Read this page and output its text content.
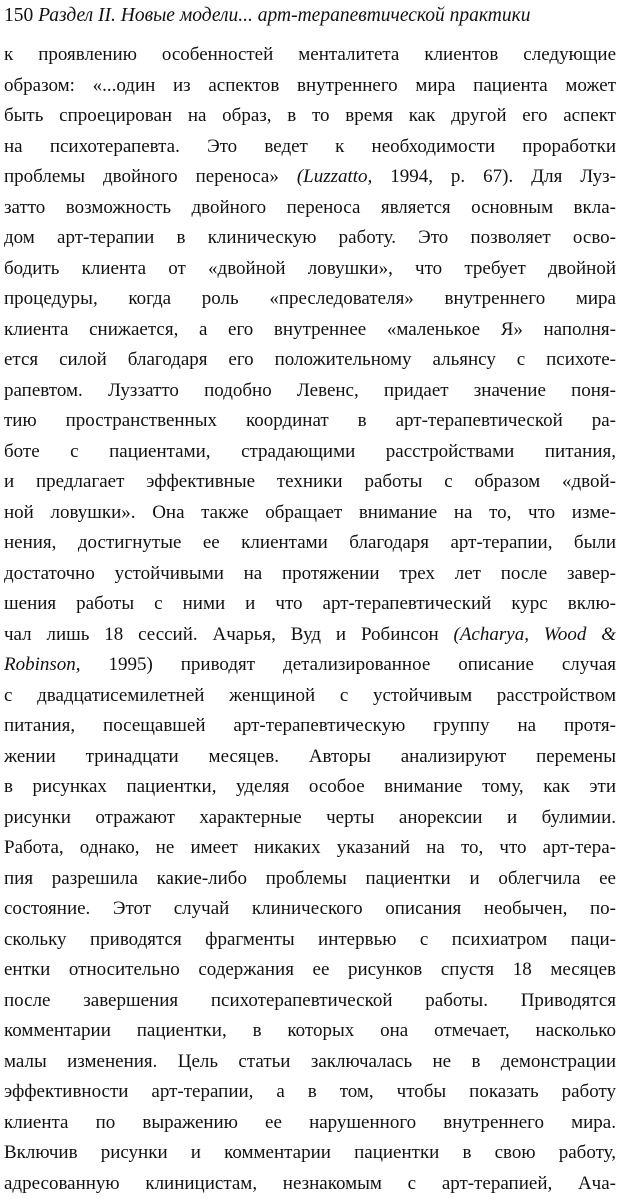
150 Раздел II. Новые модели... арт-терапевтической практики
к проявлению особенностей менталитета клиентов следующие
образом: «...один из аспектов внутреннего мира пациента может
быть спроецирован на образ, в то время как другой его аспект
на психотерапевта. Это ведет к необходимости проработки
проблемы двойного переноса» (Luzzatto, 1994, p. 67). Для Луз-
затто возможность двойного переноса является основным вкла-
дом арт-терапии в клиническую работу. Это позволяет осво-
бодить клиента от «двойной ловушки», что требует двойной
процедуры, когда роль «преследователя» внутреннего мира
клиента снижается, а его внутреннее «маленькое Я» наполня-
ется силой благодаря его положительному альянсу с психоте-
рапевтом. Луззатто подобно Левенс, придает значение поня-
тию пространственных координат в арт-терапевтической ра-
боте с пациентами, страдающими расстройствами питания,
и предлагает эффективные техники работы с образом «двой-
ной ловушки». Она также обращает внимание на то, что изме-
нения, достигнутые ее клиентами благодаря арт-терапии, были
достаточно устойчивыми на протяжении трех лет после завер-
шения работы с ними и что арт-терапевтический курс вклю-
чал лишь 18 сессий. Ачарья, Вуд и Робинсон (Acharya, Wood &
Robinson, 1995) приводят детализированное описание случая
с двадцатисемилетней женщиной с устойчивым расстройством
питания, посещавшей арт-терапевтическую группу на протя-
жении тринадцати месяцев. Авторы анализируют перемены
в рисунках пациентки, уделяя особое внимание тому, как эти
рисунки отражают характерные черты анорексии и булимии.
Работа, однако, не имеет никаких указаний на то, что арт-тера-
пия разрешила какие-либо проблемы пациентки и облегчила ее
состояние. Этот случай клинического описания необычен, по-
скольку приводятся фрагменты интервью с психиатром паци-
ентки относительно содержания ее рисунков спустя 18 месяцев
после завершения психотерапевтической работы. Приводятся
комментарии пациентки, в которых она отмечает, насколько
малы изменения. Цель статьи заключалась не в демонстрации
эффективности арт-терапии, а в том, чтобы показать работу
клиента по выражению ее нарушенного внутреннего мира.
Включив рисунки и комментарии пациентки в свою работу,
адресованную клиницистам, незнакомым с арт-терапией, Ача-
